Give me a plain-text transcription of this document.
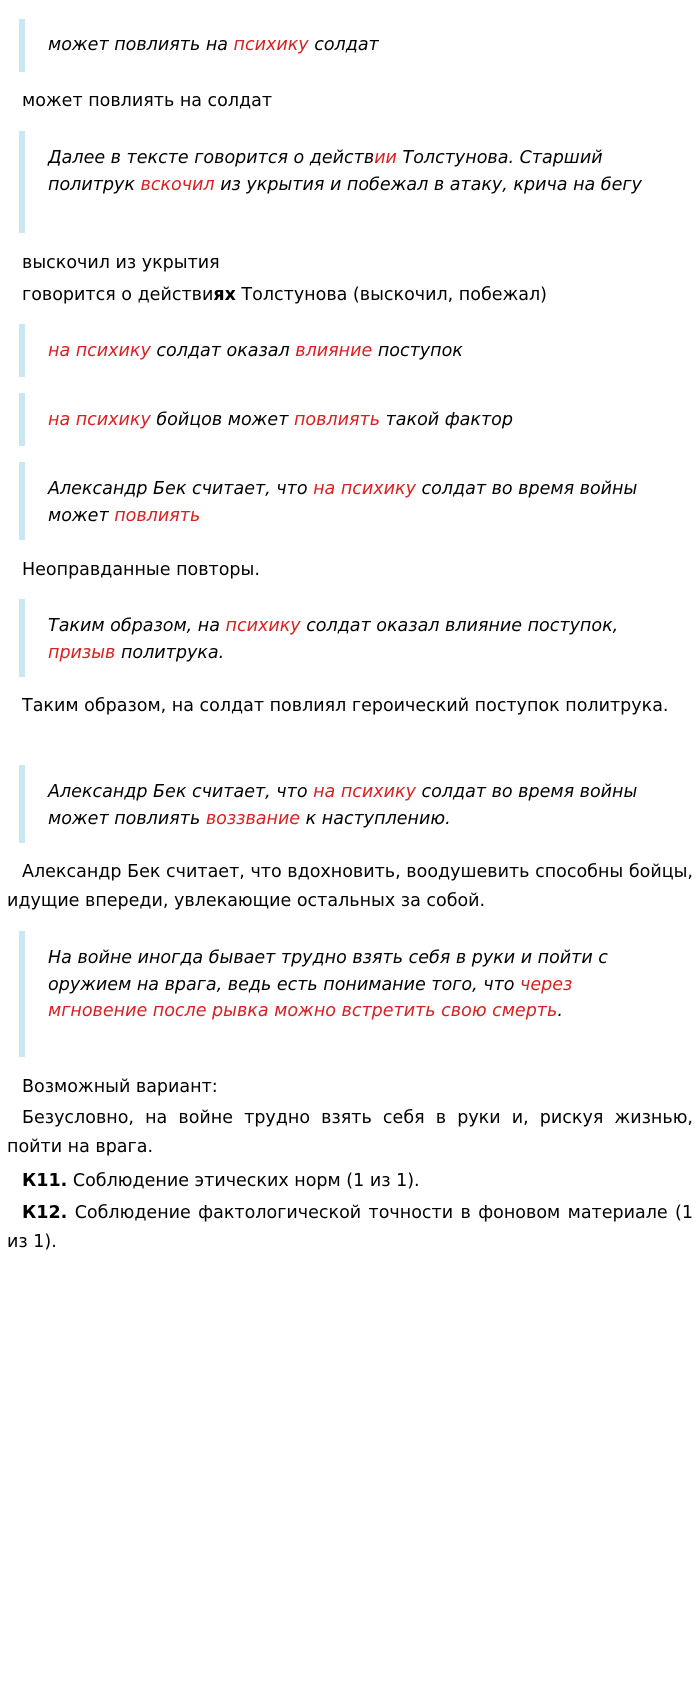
может повлиять на психику солдат
может повлиять на солдат
Далее в тексте говорится о действии Толстунова. Старший политрук вскочил из укрытия и побежал в атаку, крича на бегу
выскочил из укрытия
говорится о действиях Толстунова (выскочил, побежал)
на психику солдат оказал влияние поступок
на психику бойцов может повлиять такой фактор
Александр Бек считает, что на психику солдат во время войны может повлиять
Неоправданные повторы.
Таким образом, на психику солдат оказал влияние поступок, призыв политрука.
Таким образом, на солдат повлиял героический поступок политрука.
Александр Бек считает, что на психику солдат во время войны может повлиять воззвание к наступлению.
Александр Бек считает, что вдохновить, воодушевить способны бойцы, идущие впереди, увлекающие остальных за собой.
На войне иногда бывает трудно взять себя в руки и пойти с оружием на врага, ведь есть понимание того, что через мгновение после рывка можно встретить свою смерть.
Возможный вариант:
Безусловно, на войне трудно взять себя в руки и, рискуя жизнью, пойти на врага.
К11. Соблюдение этических норм (1 из 1).
К12. Соблюдение фактологической точности в фоновом материале (1 из 1).
